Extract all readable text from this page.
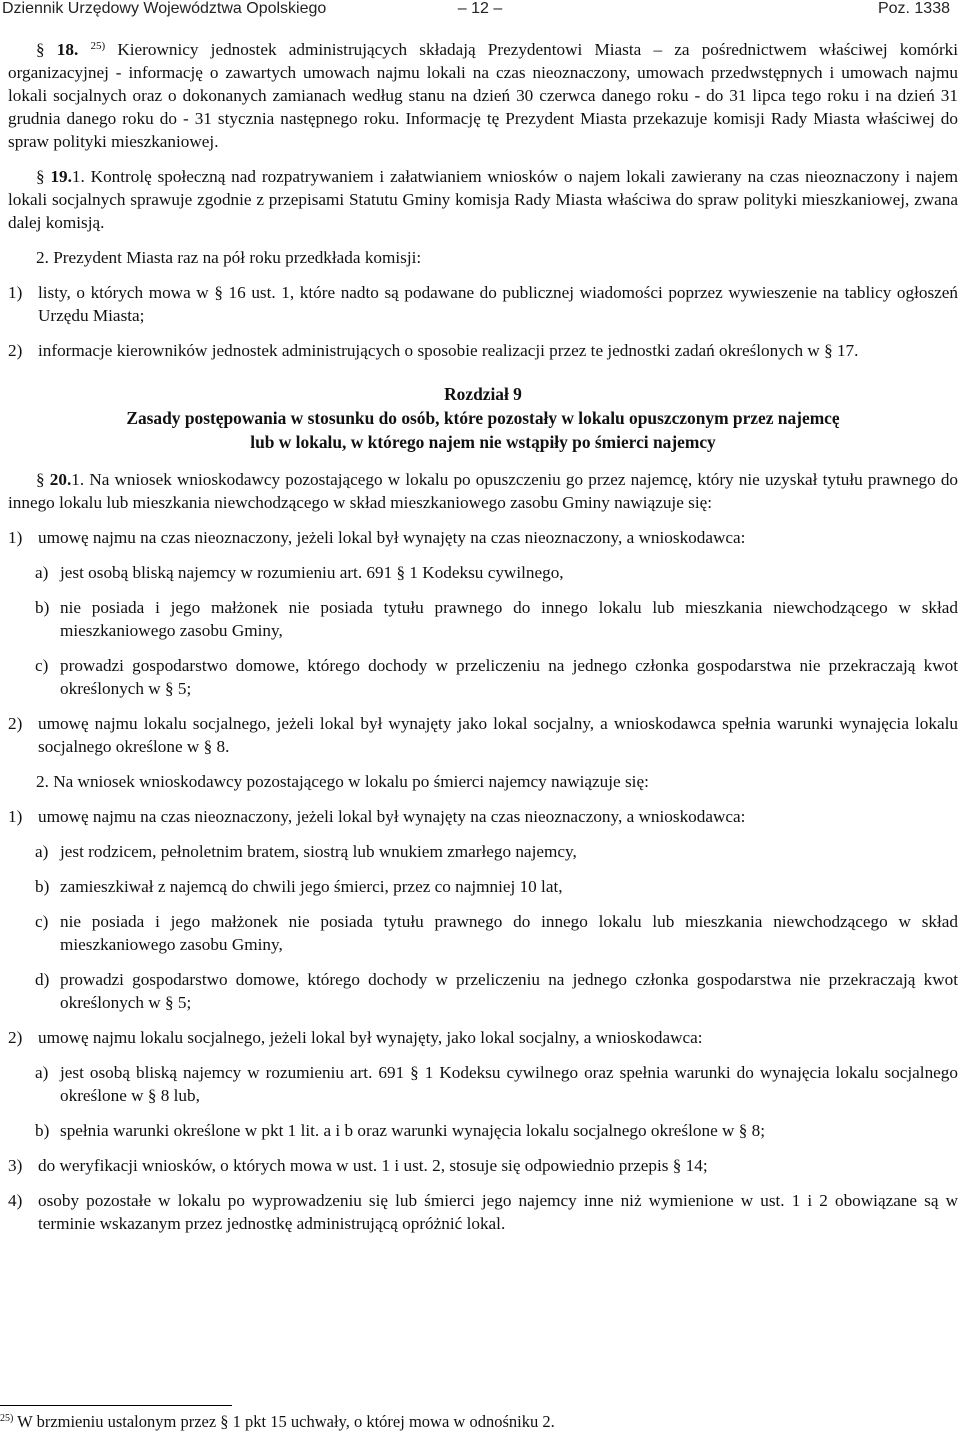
Dziennik Urzędowy Województwa Opolskiego	– 12 –	Poz. 1338

§ 18. $^{25)}$ Kierownicy jednostek administrujących składają Prezydentowi Miasta – za pośrednictwem właściwej komórki organizacyjnej - informację o zawartych umowach najmu lokali na czas nieoznaczony, umowach przedwstępnych i umowach najmu lokali socjalnych oraz o dokonanych zamianach według stanu na dzień 30 czerwca danego roku - do 31 lipca tego roku i na dzień 31 grudnia danego roku do - 31 stycznia następnego roku. Informację tę Prezydent Miasta przekazuje komisji Rady Miasta właściwej do spraw polityki mieszkaniowej.

§ 19.1. Kontrolę społeczną nad rozpatrywaniem i załatwianiem wniosków o najem lokali zawierany na czas nieoznaczony i najem lokali socjalnych sprawuje zgodnie z przepisami Statutu Gminy komisja Rady Miasta właściwa do spraw polityki mieszkaniowej, zwana dalej komisją.

2. Prezydent Miasta raz na pół roku przedkłada komisji:

1) listy, o których mowa w § 16 ust. 1, które nadto są podawane do publicznej wiadomości poprzez wywieszenie na tablicy ogłoszeń Urzędu Miasta;

2) informacje kierowników jednostek administrujących o sposobie realizacji przez te jednostki zadań określonych w § 17.

Rozdział 9
Zasady postępowania w stosunku do osób, które pozostały w lokalu opuszczonym przez najemcę
lub w lokalu, w którego najem nie wstąpiły po śmierci najemcy

§ 20.1. Na wniosek wnioskodawcy pozostającego w lokalu po opuszczeniu go przez najemcę, który nie uzyskał tytułu prawnego do innego lokalu lub mieszkania niewchodzącego w skład mieszkaniowego zasobu Gminy nawiązuje się:

1) umowę najmu na czas nieoznaczony, jeżeli lokal był wynajęty na czas nieoznaczony, a wnioskodawca:

a) jest osobą bliską najemcy w rozumieniu art. 691 § 1 Kodeksu cywilnego,

b) nie posiada i jego małżonek nie posiada tytułu prawnego do innego lokalu lub mieszkania niewchodzącego w skład mieszkaniowego zasobu Gminy,

c) prowadzi gospodarstwo domowe, którego dochody w przeliczeniu na jednego członka gospodarstwa nie przekraczają kwot określonych w § 5;

2) umowę najmu lokalu socjalnego, jeżeli lokal był wynajęty jako lokal socjalny, a wnioskodawca spełnia warunki wynajęcia lokalu socjalnego określone w § 8.

2. Na wniosek wnioskodawcy pozostającego w lokalu po śmierci najemcy nawiązuje się:

1) umowę najmu na czas nieoznaczony, jeżeli lokal był wynajęty na czas nieoznaczony, a wnioskodawca:

a) jest rodzicem, pełnoletnim bratem, siostrą lub wnukiem zmarłego najemcy,

b) zamieszkiwał z najemcą do chwili jego śmierci, przez co najmniej 10 lat,

c) nie posiada i jego małżonek nie posiada tytułu prawnego do innego lokalu lub mieszkania niewchodzącego w skład mieszkaniowego zasobu Gminy,

d) prowadzi gospodarstwo domowe, którego dochody w przeliczeniu na jednego członka gospodarstwa nie przekraczają kwot określonych w § 5;

2) umowę najmu lokalu socjalnego, jeżeli lokal był wynajęty, jako lokal socjalny, a wnioskodawca:

a) jest osobą bliską najemcy w rozumieniu art. 691 § 1 Kodeksu cywilnego oraz spełnia warunki do wynajęcia lokalu socjalnego określone w § 8 lub,

b) spełnia warunki określone w pkt 1 lit. a i b oraz warunki wynajęcia lokalu socjalnego określone w § 8;

3) do weryfikacji wniosków, o których mowa w ust. 1 i ust. 2, stosuje się odpowiednio przepis § 14;

4) osoby pozostałe w lokalu po wyprowadzeniu się lub śmierci jego najemcy inne niż wymienione w ust. 1 i 2 obowiązane są w terminie wskazanym przez jednostkę administrującą opróżnić lokal.

$^{25)}$ W brzmieniu ustalonym przez § 1 pkt 15 uchwały, o której mowa w odnośniku 2.
